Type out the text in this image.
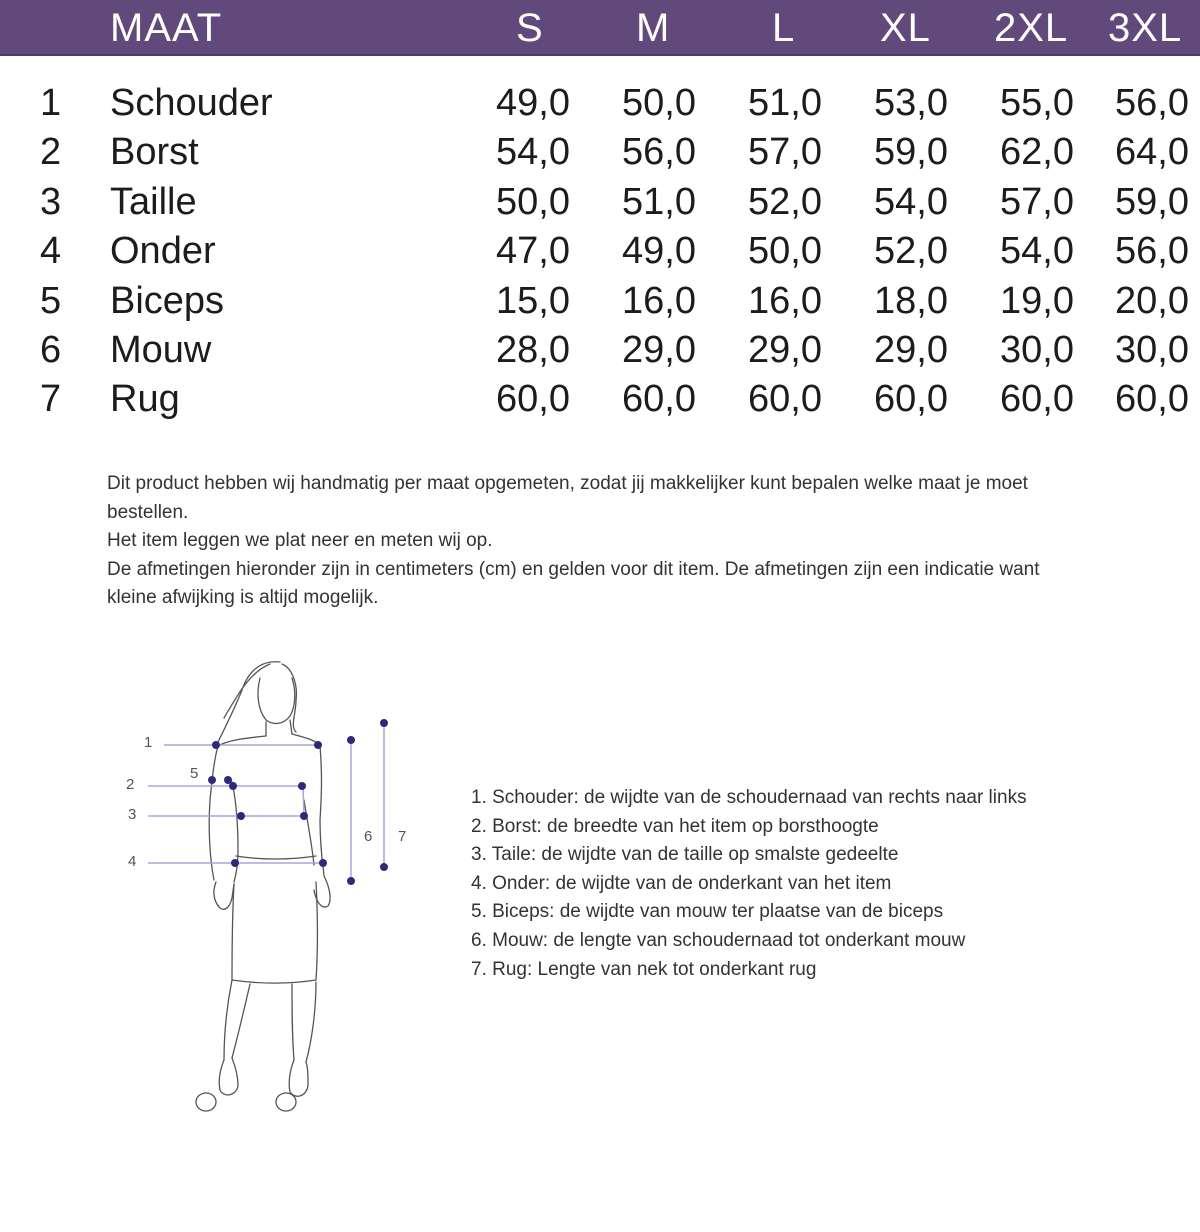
MAAT	S M	L XL 2XL 3XL
1 Schouder	49,0	50,0	51,0	53,0	55,0	56,0
2 Borst	54,0	56,0	57,0	59,0	62,0	64,0
3 Taille	50,0	51,0	52,0	54,0	57,0	59,0
4 Onder	47,0	49,0	50,0	52,0	54,0	56,0
5 Biceps	15,0	16,0	16,0	18,0	19,0	20,0
6 Mouw	28,0	29,0	29,0	29,0	30,0	30,0
7 Rug	60,0	60,0	60,0	60,0	60,0	60,0
Dit product hebben wij handmatig per maat opgemeten, zodat jij makkelijker kunt bepalen welke maat je moet bestellen.
Het item leggen we plat neer en meten wij op.
De afmetingen hieronder zijn in centimeters (cm) en gelden voor dit item. De afmetingen zijn een indicatie want kleine afwijking is altijd mogelijk.
1
2
3
4
5
6 7
1. Schouder: de wijdte van de schoudernaad van rechts naar links
2. Borst: de breedte van het item op borsthoogte
3. Taile: de wijdte van de taille op smalste gedeelte
4. Onder: de wijdte van de onderkant van het item
5. Biceps: de wijdte van mouw ter plaatse van de biceps
6. Mouw: de lengte van schoudernaad tot onderkant mouw
7. Rug: Lengte van nek tot onderkant rug
